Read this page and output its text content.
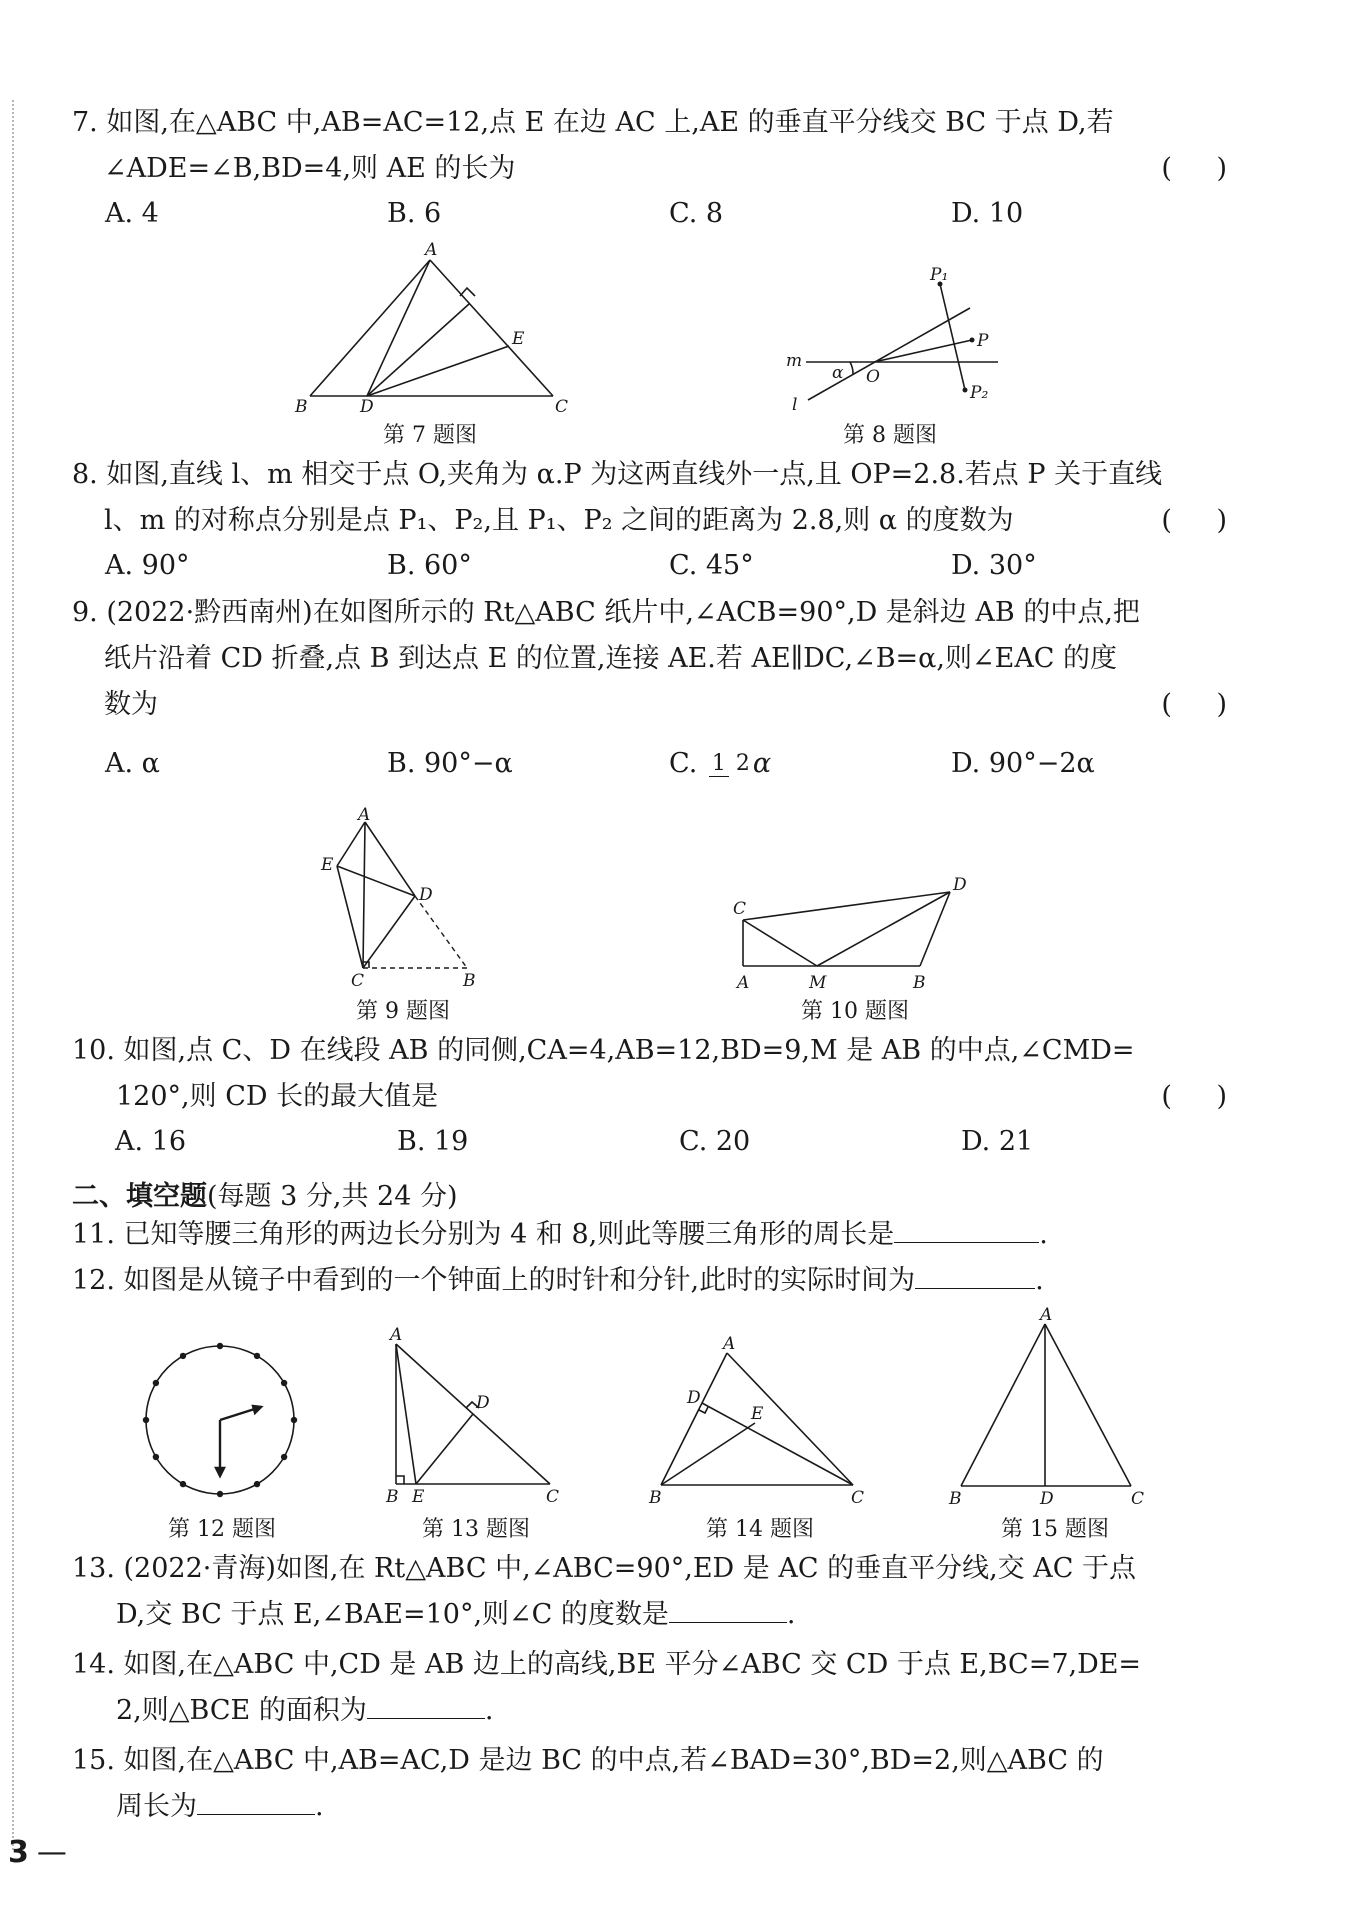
7. 如图,在△ABC 中,AB=AC=12,点 E 在边 AC 上,AE 的垂直平分线交 BC 于点 D,若
∠ADE=∠B,BD=4,则 AE 的长为	( )
A. 4	B. 6	C. 8	D. 10
A
B	C
D
E
第 7 题图
P₁
P
m
α O
l
P₂
第 8 题图
8. 如图,直线 l、m 相交于点 O,夹角为 α.P 为这两直线外一点,且 OP=2.8.若点 P 关于直线
l、m 的对称点分别是点 P₁、P₂,且 P₁、P₂ 之间的距离为 2.8,则 α 的度数为	( )
A. 90°	B. 60°	C. 45°	D. 30°
9. (2022·黔西南州)在如图所示的 Rt△ABC 纸片中,∠ACB=90°,D 是斜边 AB 的中点,把
纸片沿着 CD 折叠,点 B 到达点 E 的位置,连接 AE.若 AE∥DC,∠B=α,则∠EAC 的度
数为	( )
A. α	B. 90°−α	C. 1 2 α	D. 90°−2α
A
E
D
C	B
第 9 题图
C
D
A	M	B
第 10 题图
10. 如图,点 C、D 在线段 AB 的同侧,CA=4,AB=12,BD=9,M 是 AB 的中点,∠CMD=
120°,则 CD 长的最大值是	( )
A. 16	B. 19	C. 20	D. 21
二、填空题(每题 3 分,共 24 分)
11. 已知等腰三角形的两边长分别为 4 和 8,则此等腰三角形的周长是	.
12. 如图是从镜子中看到的一个钟面上的时针和分针,此时的实际时间为	.
第 12 题图
A
D
B E	C
第 13 题图
A
D
E
B	C
第 14 题图
A
B	D	C
第 15 题图
13. (2022·青海)如图,在 Rt△ABC 中,∠ABC=90°,ED 是 AC 的垂直平分线,交 AC 于点
D,交 BC 于点 E,∠BAE=10°,则∠C 的度数是	.
14. 如图,在△ABC 中,CD 是 AB 边上的高线,BE 平分∠ABC 交 CD 于点 E,BC=7,DE=
2,则△BCE 的面积为	.
15. 如图,在△ABC 中,AB=AC,D 是边 BC 的中点,若∠BAD=30°,BD=2,则△ABC 的
周长为	.
3 —
